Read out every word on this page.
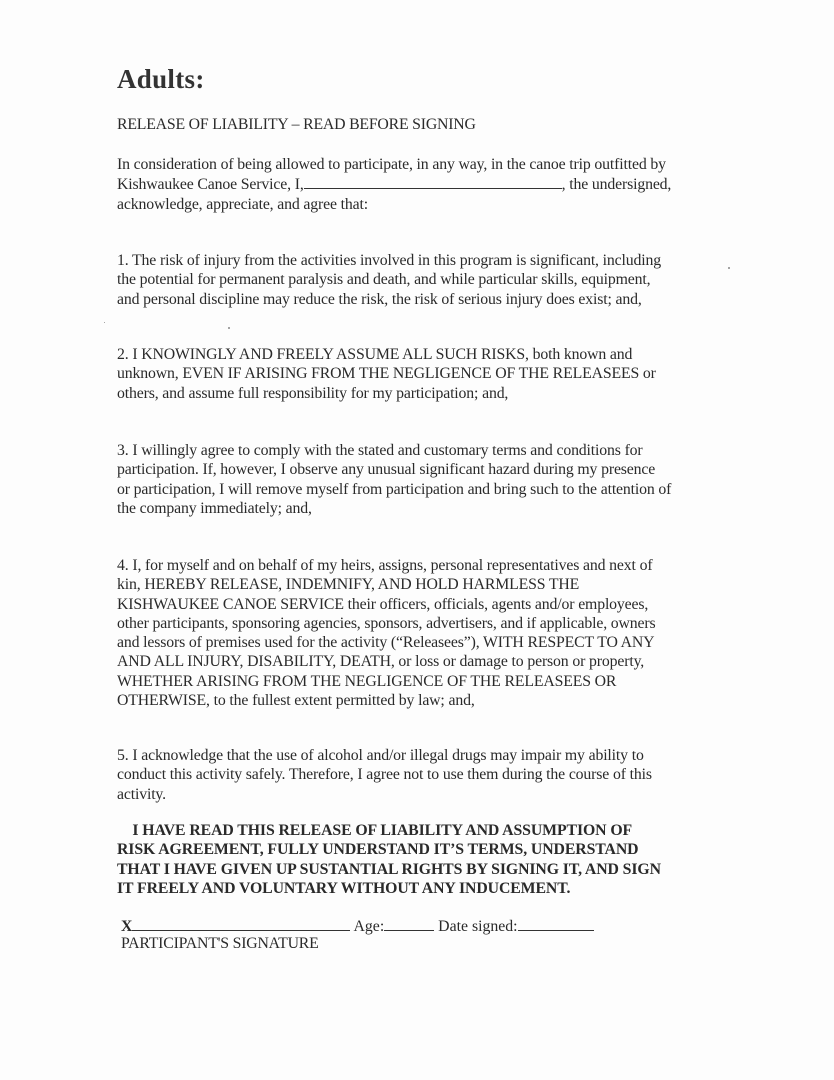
Adults:
RELEASE OF LIABILITY – READ BEFORE SIGNING
In consideration of being allowed to participate, in any way, in the canoe trip outfitted by
Kishwaukee Canoe Service, I,	, the undersigned,
acknowledge, appreciate, and agree that:
1. The risk of injury from the activities involved in this program is significant, including
the potential for permanent paralysis and death, and while particular skills, equipment,
and personal discipline may reduce the risk, the risk of serious injury does exist; and,
2. I KNOWINGLY AND FREELY ASSUME ALL SUCH RISKS, both known and
unknown, EVEN IF ARISING FROM THE NEGLIGENCE OF THE RELEASEES or
others, and assume full responsibility for my participation; and,
3. I willingly agree to comply with the stated and customary terms and conditions for
participation. If, however, I observe any unusual significant hazard during my presence
or participation, I will remove myself from participation and bring such to the attention of
the company immediately; and,
4. I, for myself and on behalf of my heirs, assigns, personal representatives and next of
kin, HEREBY RELEASE, INDEMNIFY, AND HOLD HARMLESS THE
KISHWAUKEE CANOE SERVICE their officers, officials, agents and/or employees,
other participants, sponsoring agencies, sponsors, advertisers, and if applicable, owners
and lessors of premises used for the activity (“Releasees”), WITH RESPECT TO ANY
AND ALL INJURY, DISABILITY, DEATH, or loss or damage to person or property,
WHETHER ARISING FROM THE NEGLIGENCE OF THE RELEASEES OR
OTHERWISE, to the fullest extent permitted by law; and,
5. I acknowledge that the use of alcohol and/or illegal drugs may impair my ability to
conduct this activity safely. Therefore, I agree not to use them during the course of this
activity.
I HAVE READ THIS RELEASE OF LIABILITY AND ASSUMPTION OF
RISK AGREEMENT, FULLY UNDERSTAND IT’S TERMS, UNDERSTAND
THAT I HAVE GIVEN UP SUSTANTIAL RIGHTS BY SIGNING IT, AND SIGN
IT FREELY AND VOLUNTARY WITHOUT ANY INDUCEMENT.
X	Age:	Date signed:
PARTICIPANT'S SIGNATURE
